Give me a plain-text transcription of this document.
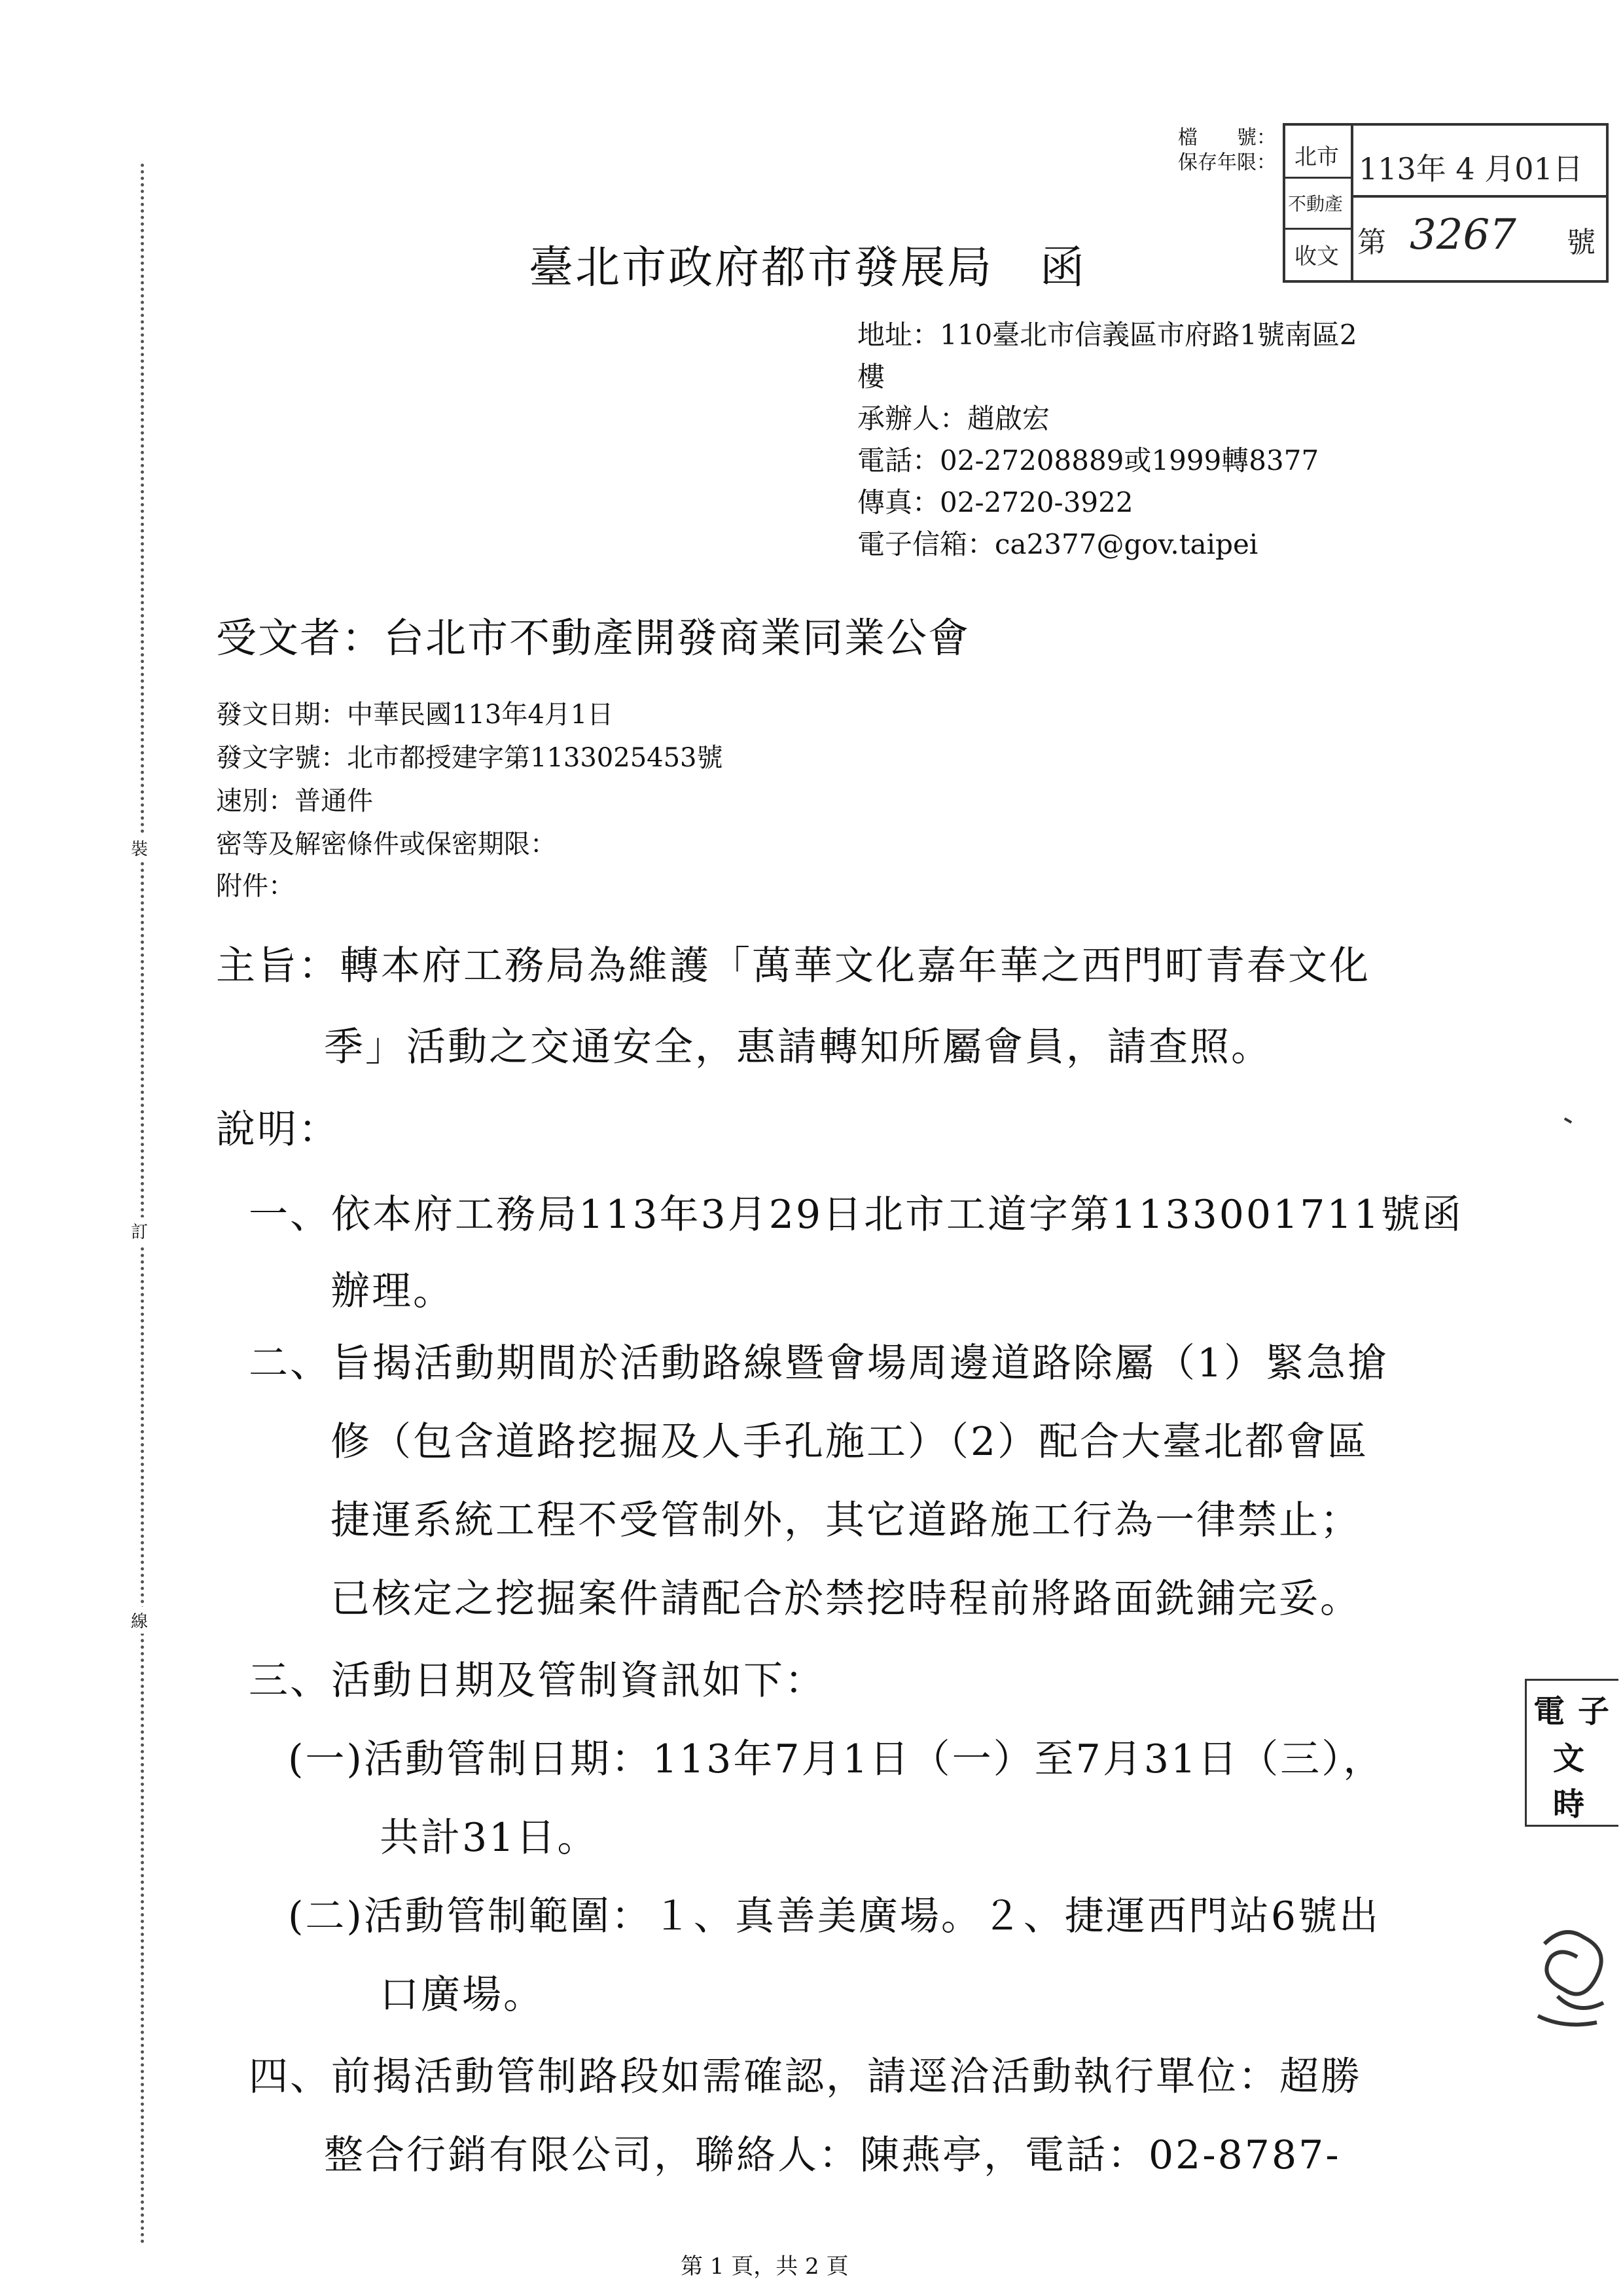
裝
訂
線
檔　　號：
保存年限： 北市
不動產
收文
113年 4 月01日
第 3267 號
臺北市政府都市發展局　函
地址：110臺北市信義區市府路1號南區2
樓
承辦人：趙啟宏
電話：02-27208889或1999轉8377
傳真：02-2720-3922
電子信箱：ca2377@gov.taipei
受文者：台北市不動產開發商業同業公會
發文日期：中華民國113年4月1日
發文字號：北市都授建字第1133025453號
速別：普通件
密等及解密條件或保密期限：
附件：
主旨：轉本府工務局為維護「萬華文化嘉年華之西門町青春文化
季」活動之交通安全，惠請轉知所屬會員，請查照。
說明：
一、依本府工務局113年3月29日北市工道字第1133001711號函
辦理。
二、旨揭活動期間於活動路線暨會場周邊道路除屬（1）緊急搶
修（包含道路挖掘及人手孔施工）（2）配合大臺北都會區
捷運系統工程不受管制外，其它道路施工行為一律禁止；
已核定之挖掘案件請配合於禁挖時程前將路面銑鋪完妥。
三、活動日期及管制資訊如下：
(一)活動管制日期：113年7月1日（一）至7月31日（三），
共計31日。
(二)活動管制範圍：１、真善美廣場。２、捷運西門站6號出
口廣場。
四、前揭活動管制路段如需確認，請逕洽活動執行單位：超勝
整合行銷有限公司，聯絡人：陳燕亭，電話：02-8787-
電 子
文
時
第 1 頁，共 2 頁
